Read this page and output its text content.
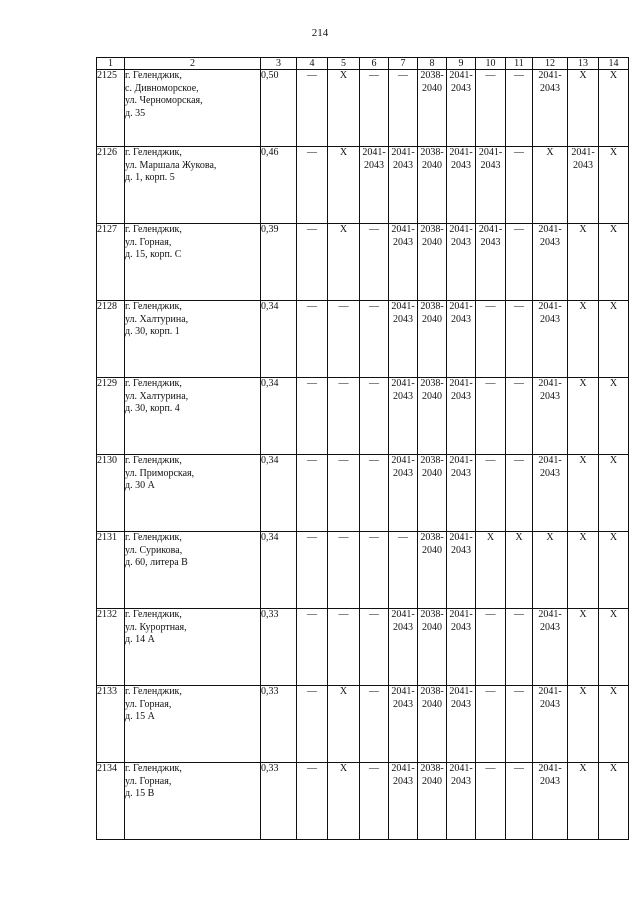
214
1	2	3	4	5	6	7	8	9	10	11	12	13	14
2125	г. Геленджик,
с. Дивноморское,
ул. Черноморская,
д. 35	0,50	—	X	—	—	2038-
2040	2041-
2043	—	—	2041-
2043	X	X

2126	г. Геленджик,
ул. Маршала Жукова,
д. 1, корп. 5	0,46	—	X	2041-
2043	2041-
2043	2038-
2040	2041-
2043	2041-
2043	—	X	2041-
2043	X

2127	г. Геленджик,
ул. Горная,
д. 15, корп. С	0,39	—	X	—	2041-
2043	2038-
2040	2041-
2043	2041-
2043	—	2041-
2043	X	X

2128	г. Геленджик,
ул. Халтурина,
д. 30, корп. 1	0,34	—	—	—	2041-
2043	2038-
2040	2041-
2043	—	—	2041-
2043	X	X

2129	г. Геленджик,
ул. Халтурина,
д. 30, корп. 4	0,34	—	—	—	2041-
2043	2038-
2040	2041-
2043	—	—	2041-
2043	X	X

2130	г. Геленджик,
ул. Приморская,
д. 30 А	0,34	—	—	—	2041-
2043	2038-
2040	2041-
2043	—	—	2041-
2043	X	X

2131	г. Геленджик,
ул. Сурикова,
д. 60, литера В	0,34	—	—	—	—	2038-
2040	2041-
2043	X	X	X	X	X

2132	г. Геленджик,
ул. Курортная,
д. 14 А	0,33	—	—	—	2041-
2043	2038-
2040	2041-
2043	—	—	2041-
2043	X	X

2133	г. Геленджик,
ул. Горная,
д. 15 А	0,33	—	X	—	2041-
2043	2038-
2040	2041-
2043	—	—	2041-
2043	X	X

2134	г. Геленджик,
ул. Горная,
д. 15 В	0,33	—	X	—	2041-
2043	2038-
2040	2041-
2043	—	—	2041-
2043	X	X
